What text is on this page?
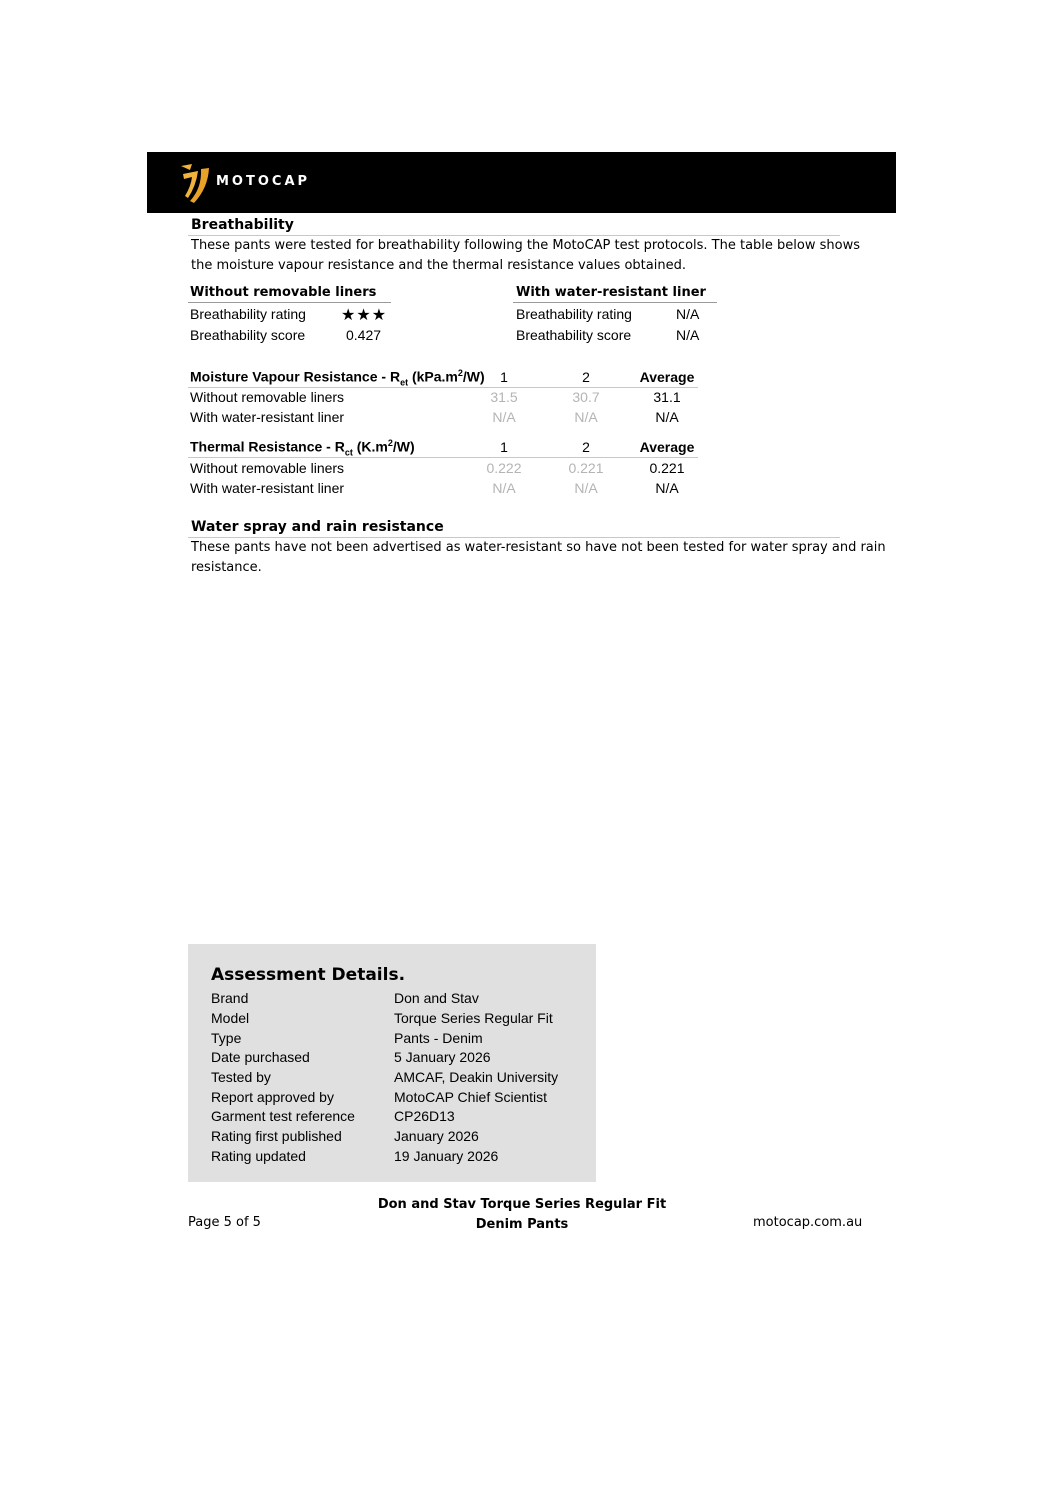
MOTOCAP
Breathability
These pants were tested for breathability following the MotoCAP test protocols. The table below shows
the moisture vapour resistance and the thermal resistance values obtained.
Without removable liners
Breathability rating ★★★
Breathability score	0.427
With water-resistant liner
Breathability rating	N/A
Breathability score	N/A
Moisture Vapour Resistance - $R_{et}$ $(kPa.m^2/W)$	1	2	Average
Without removable liners	31.5	30.7	31.1
With water-resistant liner	N/A	N/A	N/A
Thermal Resistance - $R_{ct}$ $(K.m^2/W)$	1	2	Average
Without removable liners	0.222	0.221	0.221
With water-resistant liner	N/A	N/A	N/A
Water spray and rain resistance
These pants have not been advertised as water-resistant so have not been tested for water spray and rain
resistance.
Assessment Details.
Brand	Don and Stav
Model	Torque Series Regular Fit
Type	Pants - Denim
Date purchased	5 January 2026
Tested by	AMCAF, Deakin University
Report approved by	MotoCAP Chief Scientist
Garment test reference	CP26D13
Rating first published	January 2026
Rating updated	19 January 2026
Page 5 of 5
Don and Stav Torque Series Regular Fit
Denim Pants	motocap.com.au
